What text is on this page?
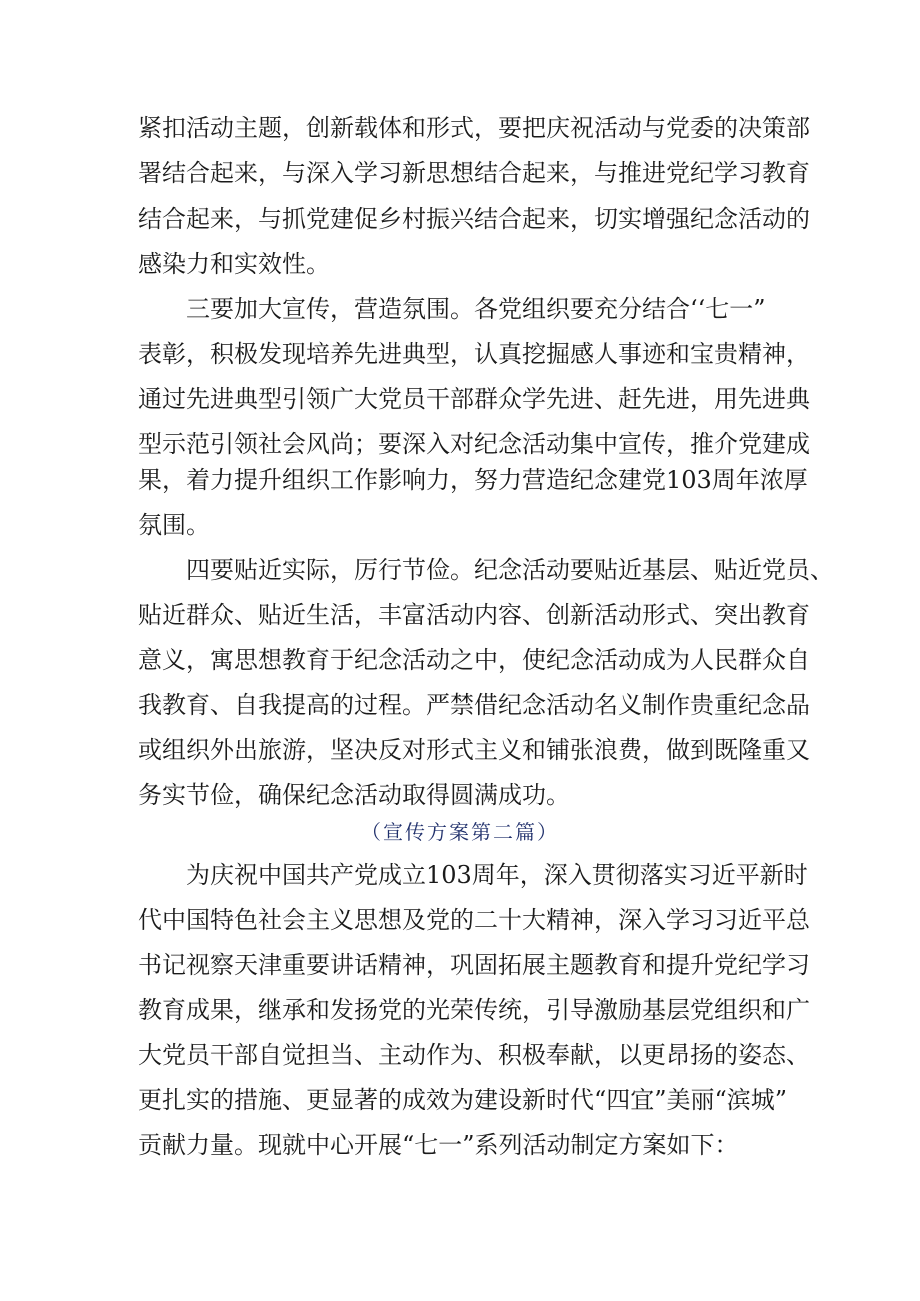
紧扣活动主题，创新载体和形式，要把庆祝活动与党委的决策部
署结合起来，与深入学习新思想结合起来，与推进党纪学习教育
结合起来，与抓党建促乡村振兴结合起来，切实增强纪念活动的
感染力和实效性。
　　三要加大宣传，营造氛围。各党组织要充分结合‘‘七一”
表彰，积极发现培养先进典型，认真挖掘感人事迹和宝贵精神，
通过先进典型引领广大党员干部群众学先进、赶先进，用先进典
型示范引领社会风尚；要深入对纪念活动集中宣传，推介党建成
果，着力提升组织工作影响力，努力营造纪念建党103周年浓厚
氛围。
　　四要贴近实际，厉行节俭。纪念活动要贴近基层、贴近党员、
贴近群众、贴近生活，丰富活动内容、创新活动形式、突出教育
意义，寓思想教育于纪念活动之中，使纪念活动成为人民群众自
我教育、自我提高的过程。严禁借纪念活动名义制作贵重纪念品
或组织外出旅游，坚决反对形式主义和铺张浪费，做到既隆重又
务实节俭，确保纪念活动取得圆满成功。
（宣传方案第二篇）
　　为庆祝中国共产党成立103周年，深入贯彻落实习近平新时
代中国特色社会主义思想及党的二十大精神，深入学习习近平总
书记视察天津重要讲话精神，巩固拓展主题教育和提升党纪学习
教育成果，继承和发扬党的光荣传统，引导激励基层党组织和广
大党员干部自觉担当、主动作为、积极奉献，以更昂扬的姿态、
更扎实的措施、更显著的成效为建设新时代“四宜”美丽“滨城”
贡献力量。现就中心开展“七一”系列活动制定方案如下：
